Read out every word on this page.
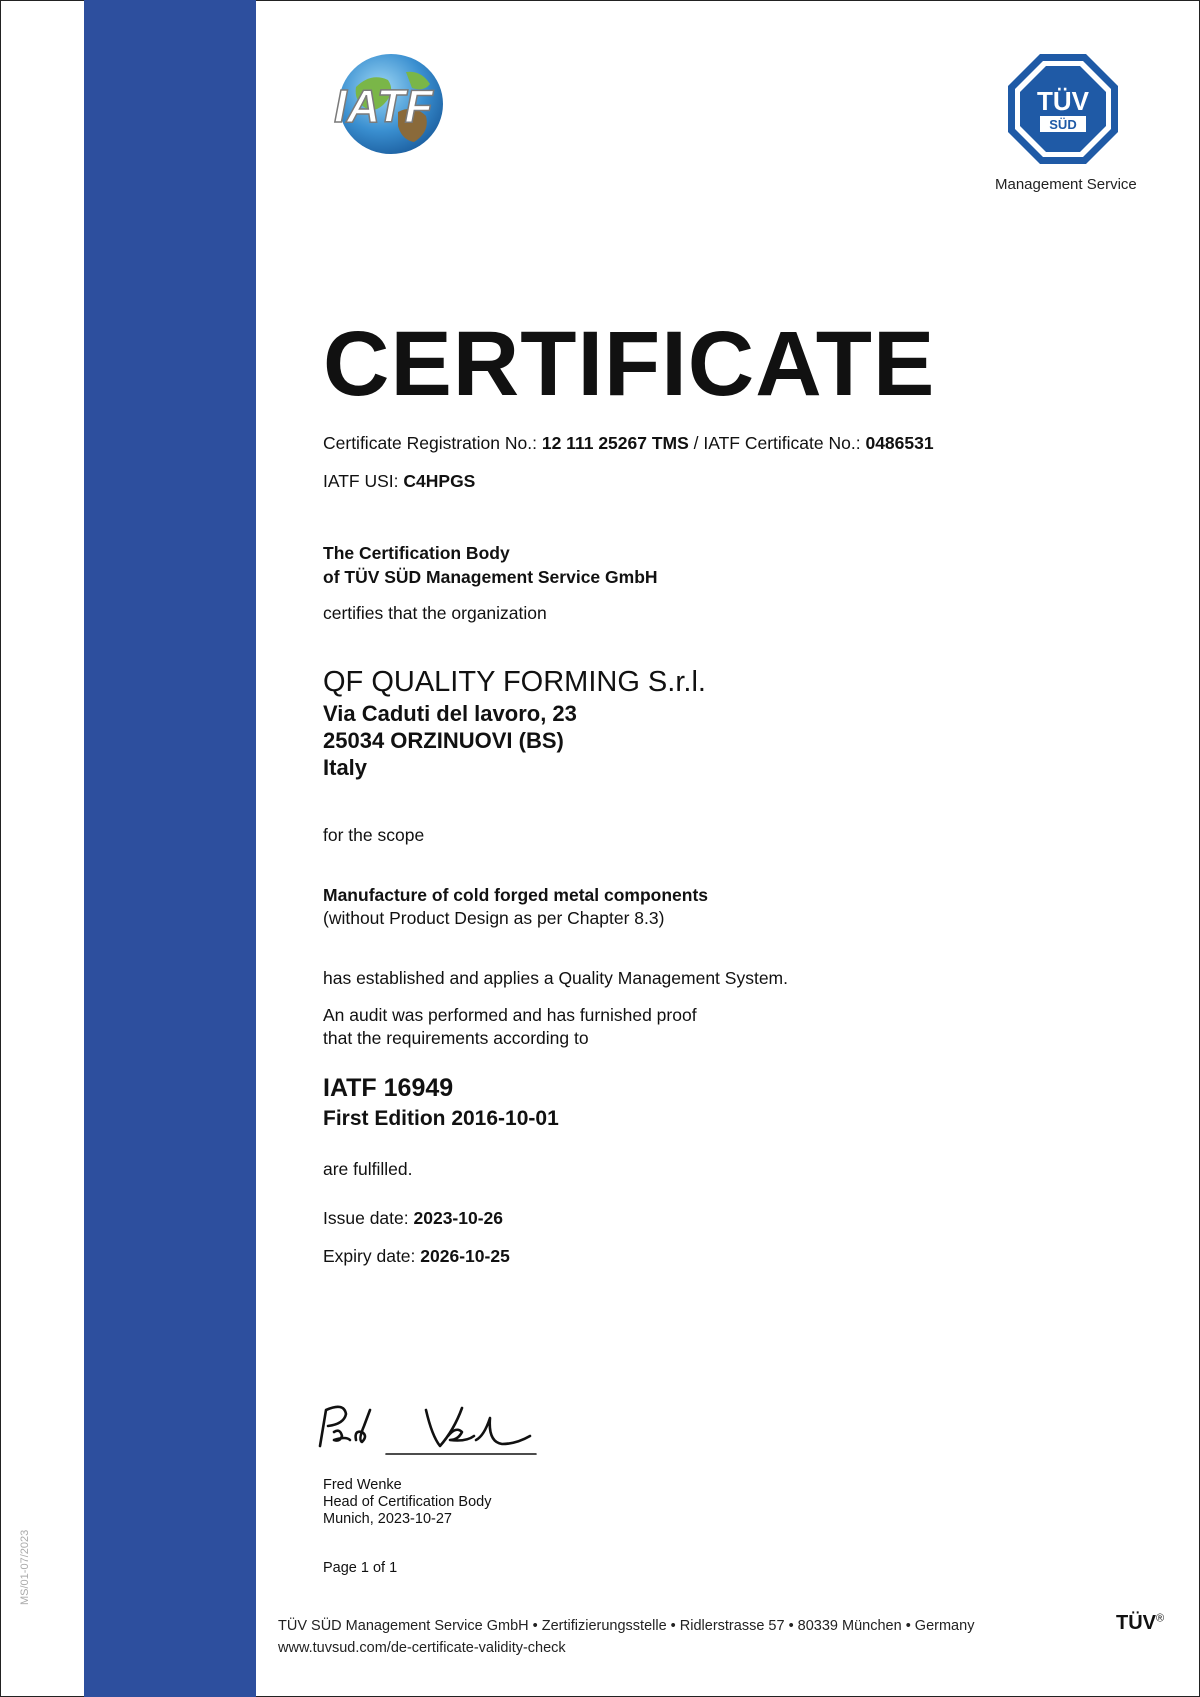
MS/01-07/2023	ZERTIFIKAT
CERTIFICATE
認證證書
СЕРТИФИКАТ
CERTIFICADO
CERTIFICAT IATF	TÜV
SÜD
Management Service
CERTIFICATE
Certificate Registration No.: 12 111 25267 TMS / IATF Certificate No.: 0486531
IATF USI: C4HPGS
The Certification Body
of TÜV SÜD Management Service GmbH
certifies that the organization
QF QUALITY FORMING S.r.l.
Via Caduti del lavoro, 23
25034 ORZINUOVI (BS)
Italy
for the scope
Manufacture of cold forged metal components
(without Product Design as per Chapter 8.3)
has established and applies a Quality Management System.
An audit was performed and has furnished proof
that the requirements according to
IATF 16949
First Edition 2016-10-01
are fulfilled.
Issue date: 2023-10-26
Expiry date: 2026-10-25
Fred Wenke
Head of Certification Body
Munich, 2023-10-27
Page 1 of 1
TÜV SÜD Management Service GmbH • Zertifizierungsstelle • Ridlerstrasse 57 • 80339 München • Germany
www.tuvsud.com/de-certificate-validity-check
TÜV®
